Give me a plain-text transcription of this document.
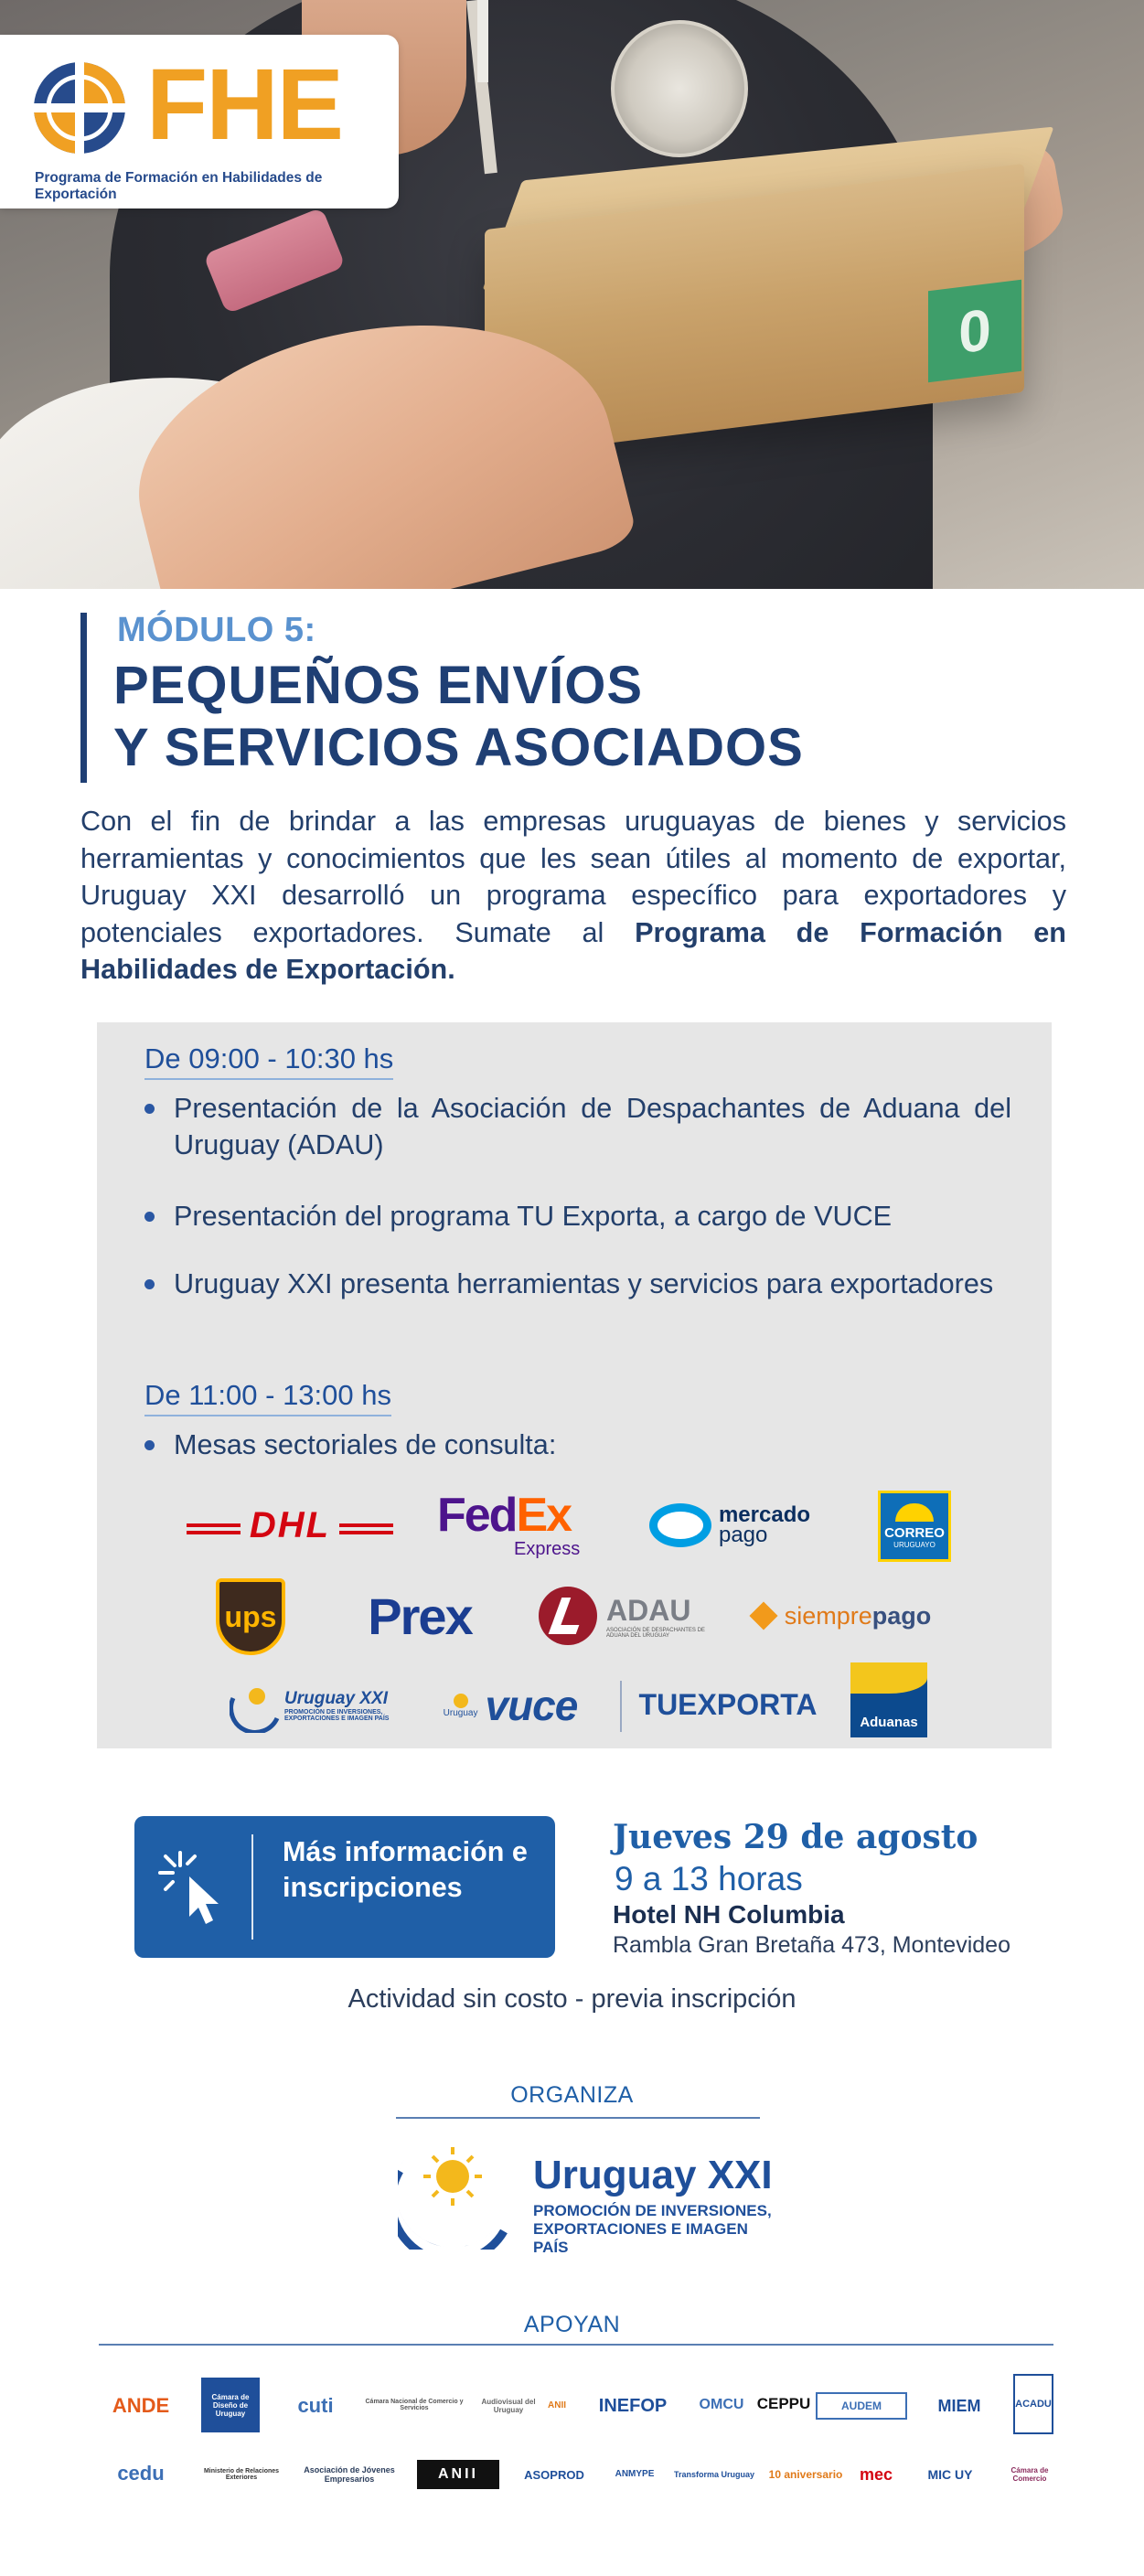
0
FHE
Programa de Formación en Habilidades de Exportación
MÓDULO 5:
PEQUEÑOS ENVÍOS
Y SERVICIOS ASOCIADOS
Con el fin de brindar a las empresas uruguayas de bienes y servicios herramientas y conocimientos que les sean útiles al momento de exportar, Uruguay XXI desarrolló un programa específico para exportadores y potenciales exportadores. Sumate al Programa de Formación en Habilidades de Exportación.
De 09:00 - 10:30 hs
Presentación de la Asociación de Despachantes de Aduana del Uruguay (ADAU)
Presentación del programa TU Exporta, a cargo de VUCE
Uruguay XXI presenta herramientas y servicios para exportadores
De 11:00 - 13:00 hs
Mesas sectoriales de consulta:
DHL FedEx
Express
mercado
pago	CORREO
URUGUAYO
ups Prex	ADAU
ASOCIACIÓN DE DESPACHANTES DE ADUANA DEL URUGUAY
siempre pago
Uruguay XXI
PROMOCIÓN DE INVERSIONES, EXPORTACIONES E IMAGEN PAÍS
Uruguay vuce TUEXPORTA
Aduanas
Más información e inscripciones
Jueves 29 de agosto
9 a 13 horas
Hotel NH Columbia
Rambla Gran Bretaña 473, Montevideo
Actividad sin costo - previa inscripción
ORGANIZA
Uruguay XXI
PROMOCIÓN DE INVERSIONES,
EXPORTACIONES E IMAGEN PAÍS
APOYAN
ANDE	Cámara de Diseño de Uruguay	cuti	Cámara Nacional de Comercio y Servicios
Audiovisual del Uruguay	ANII	INEFOP	OMCU CEPPU	AUDEM	MIEM	ACADU
cedu	Ministerio de Relaciones Exteriores
Asociación de Jóvenes Empresarios	ANII	ASOPROD	ANMYPE	Transforma Uruguay	10 aniversario	mec	MIC UY	Cámara de Comercio
